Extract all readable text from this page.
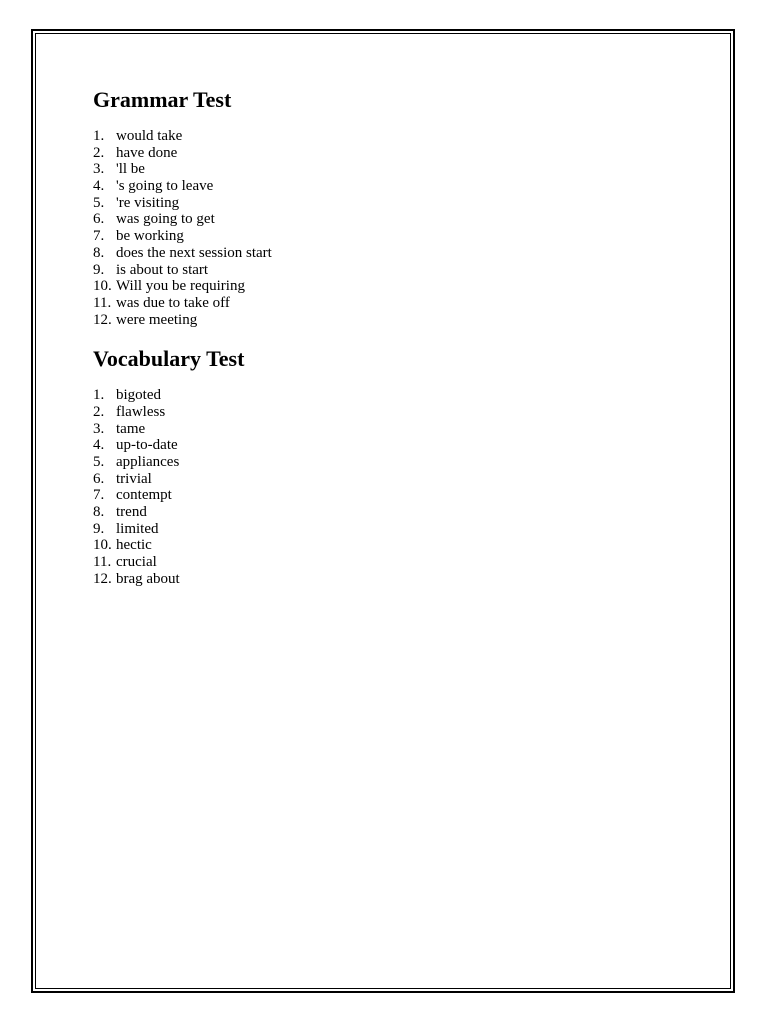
Grammar Test
1. would take
2. have done
3. 'll be
4. 's going to leave
5. 're visiting
6. was going to get
7. be working
8. does the next session start
9. is about to start
10. Will you be requiring
11. was due to take off
12. were meeting
Vocabulary Test
1. bigoted
2. flawless
3. tame
4. up-to-date
5. appliances
6. trivial
7. contempt
8. trend
9. limited
10. hectic
11. crucial
12. brag about
